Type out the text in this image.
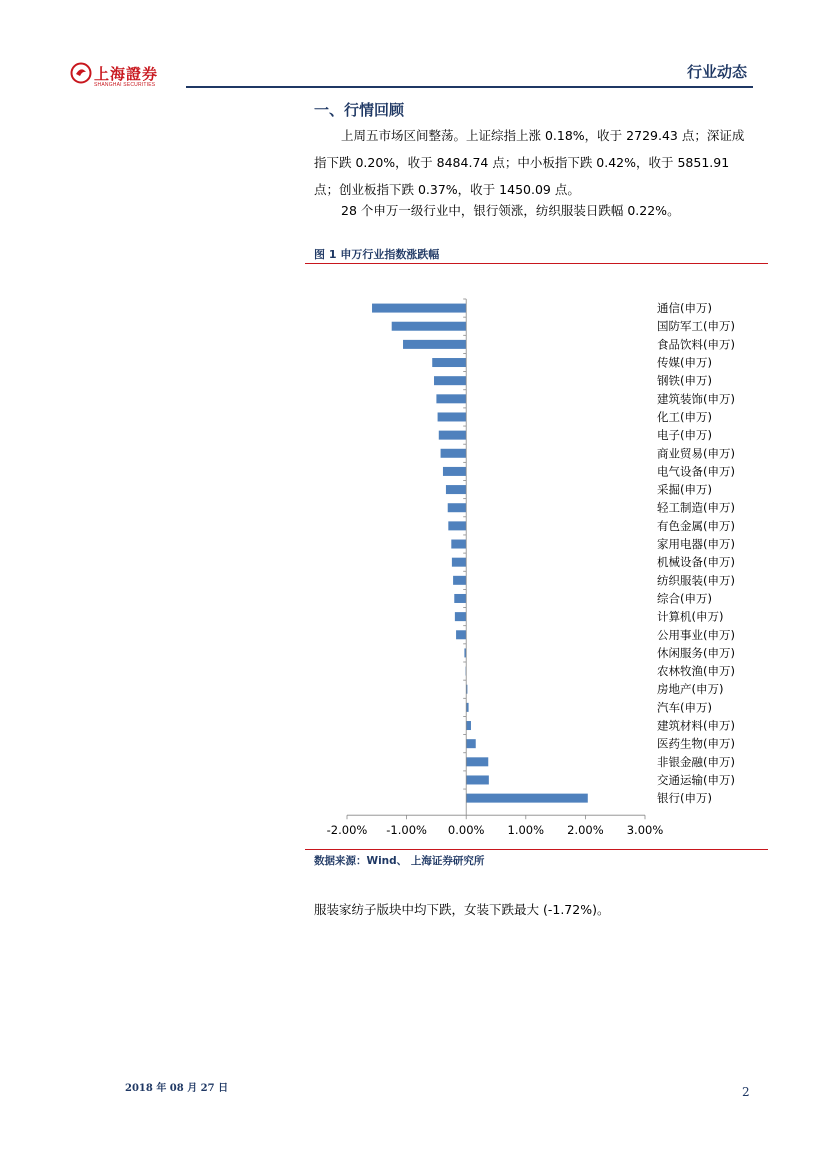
上海證券
SHANGHAI SECURITIES
行业动态
一、行情回顾
上周五市场区间整荡。上证综指上涨 0.18%，收于 2729.43 点；深证成指下跌 0.20%，收于 8484.74 点；中小板指下跌 0.42%，收于 5851.91 点；创业板指下跌 0.37%，收于 1450.09 点。
28 个申万一级行业中，银行领涨，纺织服装日跌幅 0.22%。
图 1 申万行业指数涨跌幅
通信(申万)
国防军工(申万)
食品饮料(申万)
传媒(申万)
钢铁(申万)
建筑装饰(申万)
化工(申万)
电子(申万)
商业贸易(申万)
电气设备(申万)
采掘(申万)
轻工制造(申万)
有色金属(申万)
家用电器(申万)
机械设备(申万)
纺织服装(申万)
综合(申万)
计算机(申万)
公用事业(申万)
休闲服务(申万)
农林牧渔(申万)
房地产(申万)
汽车(申万)
建筑材料(申万)
医药生物(申万)
非银金融(申万)
交通运输(申万)
银行(申万)
-2.00% -1.00% 0.00% 1.00% 2.00% 3.00%
数据来源：Wind、 上海证券研究所
服装家纺子版块中均下跌，女装下跌最大 (-1.72%)。
2018 年 08 月 27 日	2
